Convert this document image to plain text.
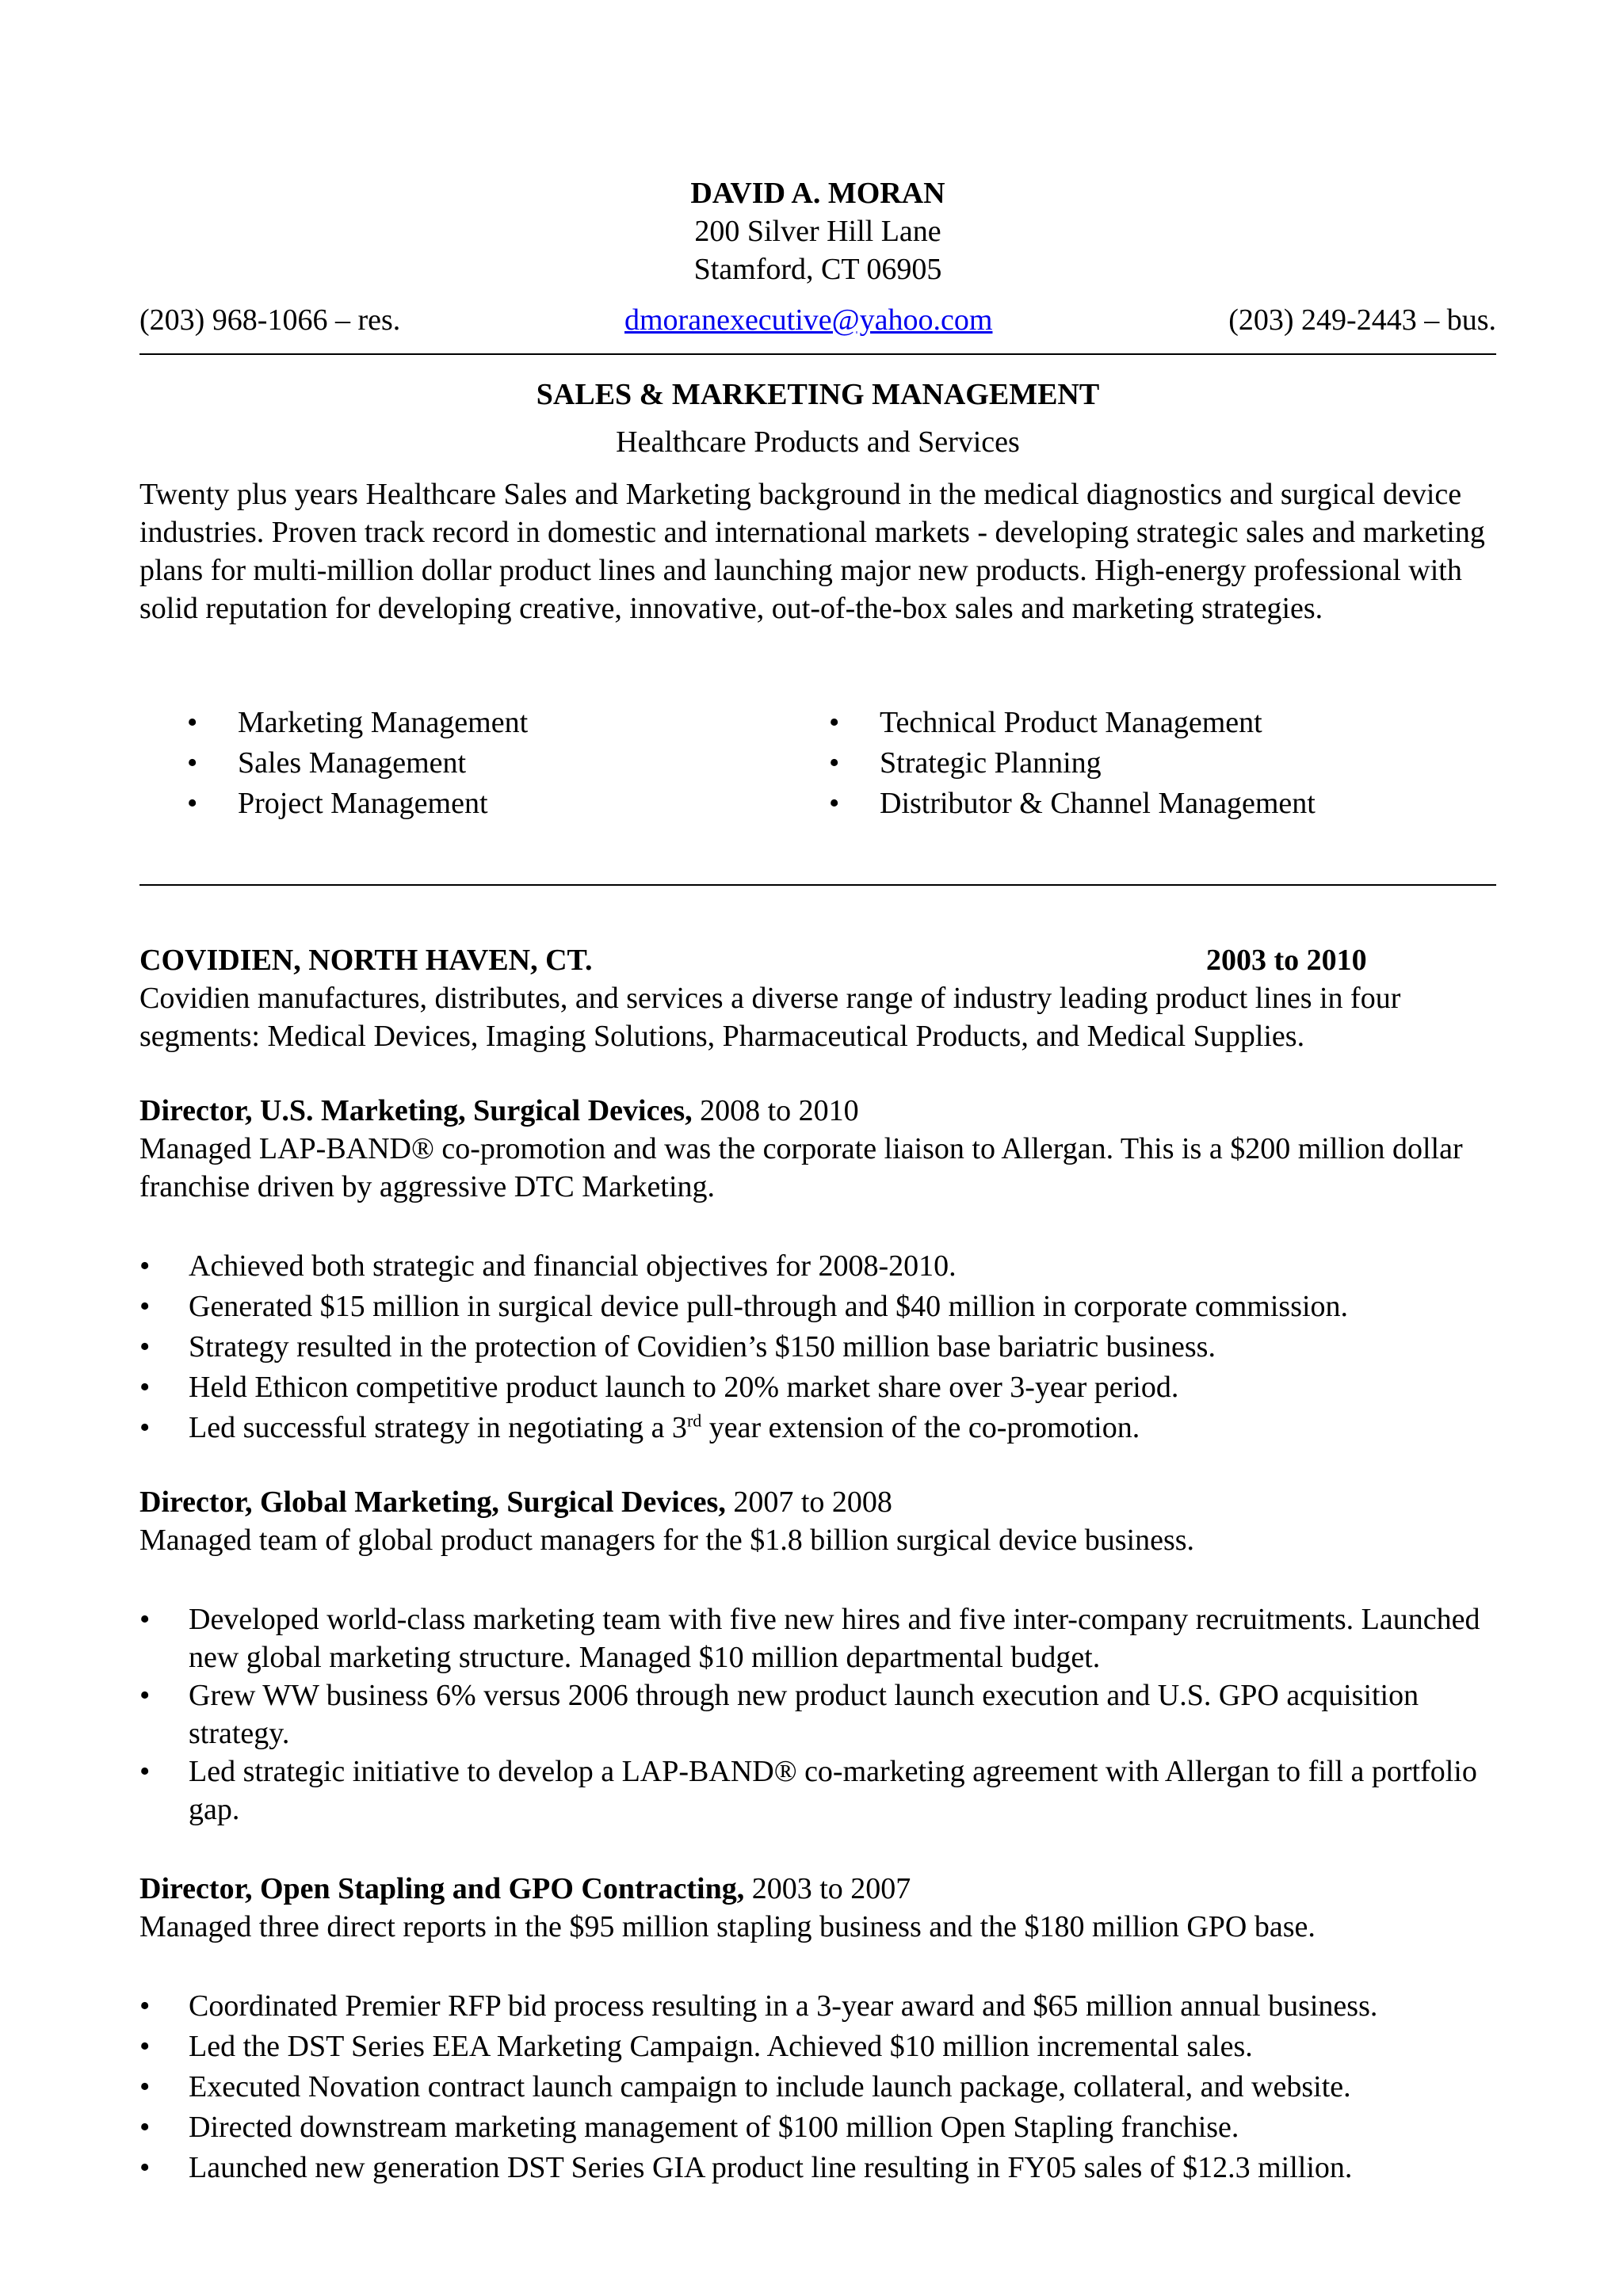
DAVID A. MORAN
200 Silver Hill Lane
Stamford, CT 06905
(203) 968-1066 – res.	dmoranexecutive@yahoo.com	(203) 249-2443 – bus.
SALES & MARKETING MANAGEMENT
Healthcare Products and Services
Twenty plus years Healthcare Sales and Marketing background in the medical diagnostics and surgical device industries. Proven track record in domestic and international markets - developing strategic sales and marketing plans for multi-million dollar product lines and launching major new products. High-energy professional with solid reputation for developing creative, innovative, out-of-the-box sales and marketing strategies.
• Marketing Management
• Sales Management
• Project Management
• Technical Product Management
• Strategic Planning
• Distributor & Channel Management
COVIDIEN, NORTH HAVEN, CT.	2003 to 2010
Covidien manufactures, distributes, and services a diverse range of industry leading product lines in four segments: Medical Devices, Imaging Solutions, Pharmaceutical Products, and Medical Supplies.
Director, U.S. Marketing, Surgical Devices, 2008 to 2010
Managed LAP-BAND® co-promotion and was the corporate liaison to Allergan. This is a $200 million dollar franchise driven by aggressive DTC Marketing.
• Achieved both strategic and financial objectives for 2008-2010.
• Generated $15 million in surgical device pull-through and $40 million in corporate commission.
• Strategy resulted in the protection of Covidien’s $150 million base bariatric business.
• Held Ethicon competitive product launch to 20% market share over 3-year period.
• Led successful strategy in negotiating a 3rd year extension of the co-promotion.
Director, Global Marketing, Surgical Devices, 2007 to 2008
Managed team of global product managers for the $1.8 billion surgical device business.
• Developed world-class marketing team with five new hires and five inter-company recruitments. Launched new global marketing structure. Managed $10 million departmental budget.
• Grew WW business 6% versus 2006 through new product launch execution and U.S. GPO acquisition strategy.
• Led strategic initiative to develop a LAP-BAND® co-marketing agreement with Allergan to fill a portfolio gap.
Director, Open Stapling and GPO Contracting, 2003 to 2007
Managed three direct reports in the $95 million stapling business and the $180 million GPO base.
• Coordinated Premier RFP bid process resulting in a 3-year award and $65 million annual business.
• Led the DST Series EEA Marketing Campaign. Achieved $10 million incremental sales.
• Executed Novation contract launch campaign to include launch package, collateral, and website.
• Directed downstream marketing management of $100 million Open Stapling franchise.
• Launched new generation DST Series GIA product line resulting in FY05 sales of $12.3 million.
